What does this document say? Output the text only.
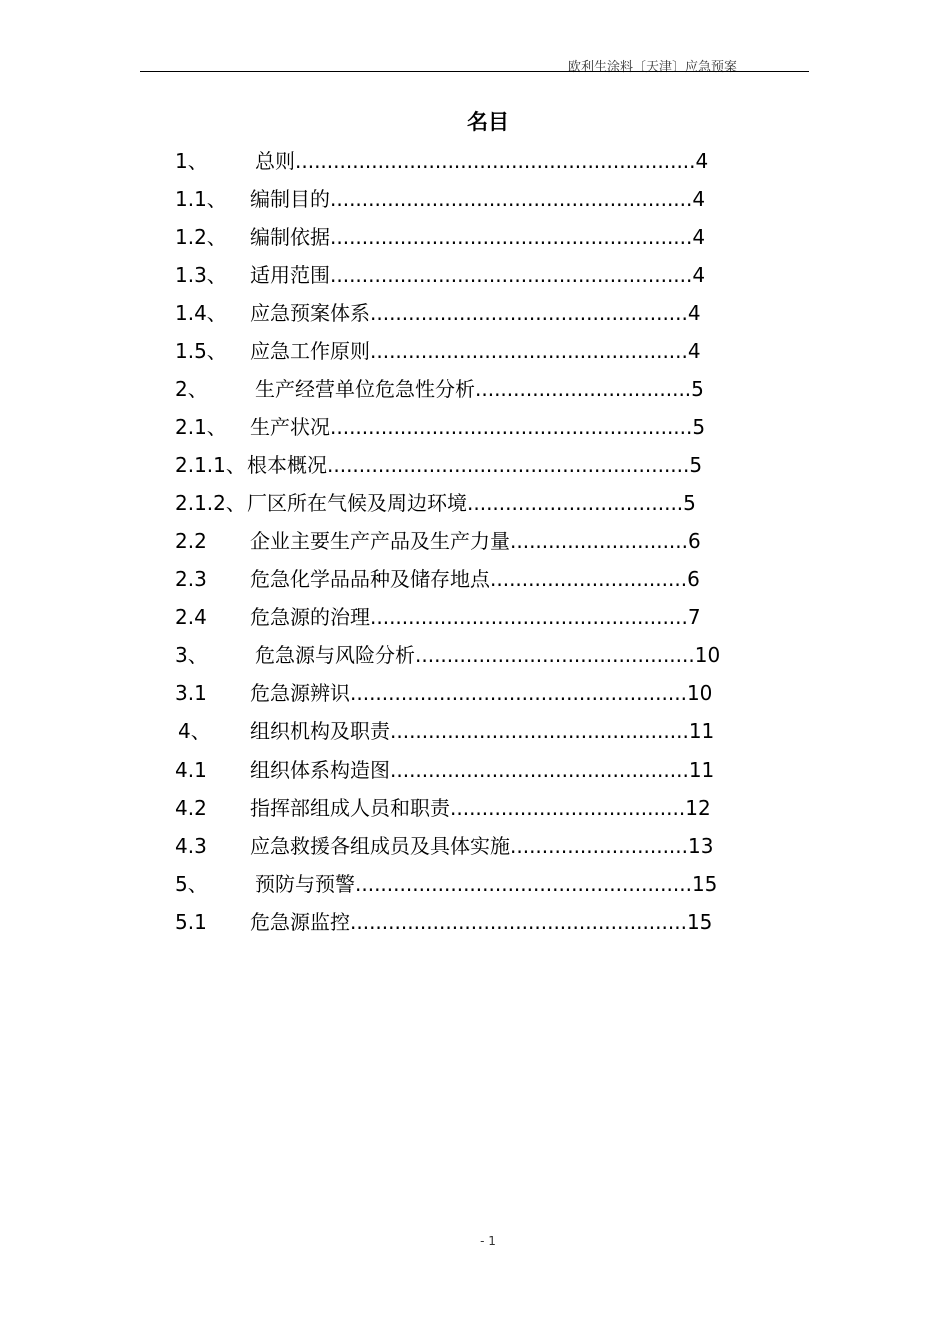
欧利生涂料〔天津〕应急预案
名目
1、 总则...............................................................4
1.1、 编制目的.........................................................4
1.2、 编制依据.........................................................4
1.3、 适用范围.........................................................4
1.4、 应急预案体系..................................................4
1.5、 应急工作原则..................................................4
2、 生产经营单位危急性分析..................................5
2.1、 生产状况.........................................................5
2.1.1、 根本概况.........................................................5
2.1.2、 厂区所在气候及周边环境..................................5
2.2 企业主要生产产品及生产力量............................6
2.3 危急化学品品种及储存地点...............................6
2.4 危急源的治理..................................................7
3、 危急源与风险分析............................................10
3.1 危急源辨识.....................................................10
4、 组织机构及职责...............................................11
4.1 组织体系构造图...............................................11
4.2 指挥部组成人员和职责.....................................12
4.3 应急救援各组成员及具体实施............................13
5、 预防与预警.....................................................15
5.1 危急源监控.....................................................15
- 1
